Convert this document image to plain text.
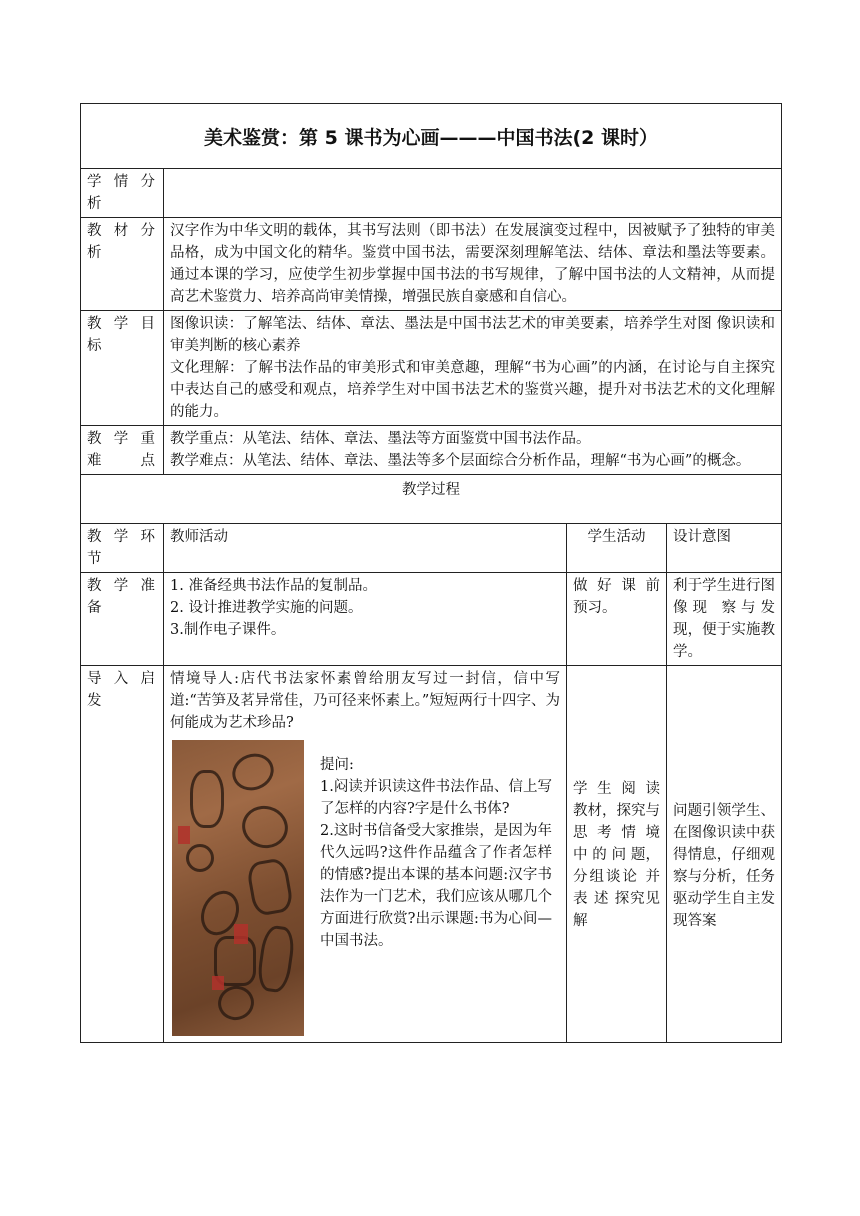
美术鉴赏：第 5 课书为心画———中国书法(2 课时）			
学 情 分 析			
教 材 分 析	汉字作为中华文明的载体，其书写法则（即书法）在发展演变过程中，因被赋予了独特的审美品格，成为中国文化的精华。鉴赏中国书法，需要深刻理解笔法、结体、章法和墨法等要素。通过本课的学习，应使学生初步掌握中国书法的书写规律，了解中国书法的人文精神，从而提高艺术鉴赏力、培养高尚审美情操，增强民族自豪感和自信心。		
教 学 目 标	图像识读：了解笔法、结体、章法、墨法是中国书法艺术的审美要素，培养学生对图 像识读和审美判断的核心素养
文化理解：了解书法作品的审美形式和审美意趣，理解“书为心画”的内涵，在讨论与自主探究中表达自己的感受和观点，培养学生对中国书法艺术的鉴赏兴趣，提升对书法艺术的文化理解的能力。		

教 学 重 难点	教学重点：从笔法、结体、章法、墨法等方面鉴赏中国书法作品。
教学难点：从笔法、结体、章法、墨法等多个层面综合分析作品，理解“书为心画”的概念。		

教学过程			
教 学 环 节	教师活动	学生活动	设计意图
教 学 准 备	1. 准备经典书法作品的复制品。
2. 设计推进教学实施的问题。
3.制作电子课件。	做 好 课 前 预习。	利于学生进行图像现 察与发现，便于实施教学。
导 入 启 发	情境导人:店代书法家怀素曾给朋友写过一封信，信中写道:“苦笋及茗异常佳，乃可径来怀素上。”短短两行十四字、为何能成为艺术珍品?
提问:
1.闷读并识读这件书法作品、信上写了怎样的内容?字是什么书体?
2.这时书信备受大家推崇，是因为年代久远吗?这件作品蕴含了作者怎样的情感?提出本课的基本问题:汉字书法作为一门艺术，我们应该从哪几个方面进行欣赏?出示课题:书为心间—中国书法。	学 生 阅 读 教材，探究与 思 考 情 境 中 的 问 题，分组谈论 并 表 述 探究见解	问题引领学生、在图像识读中获得情息，仔细观察与分析，任务驱动学生自主发现答案
